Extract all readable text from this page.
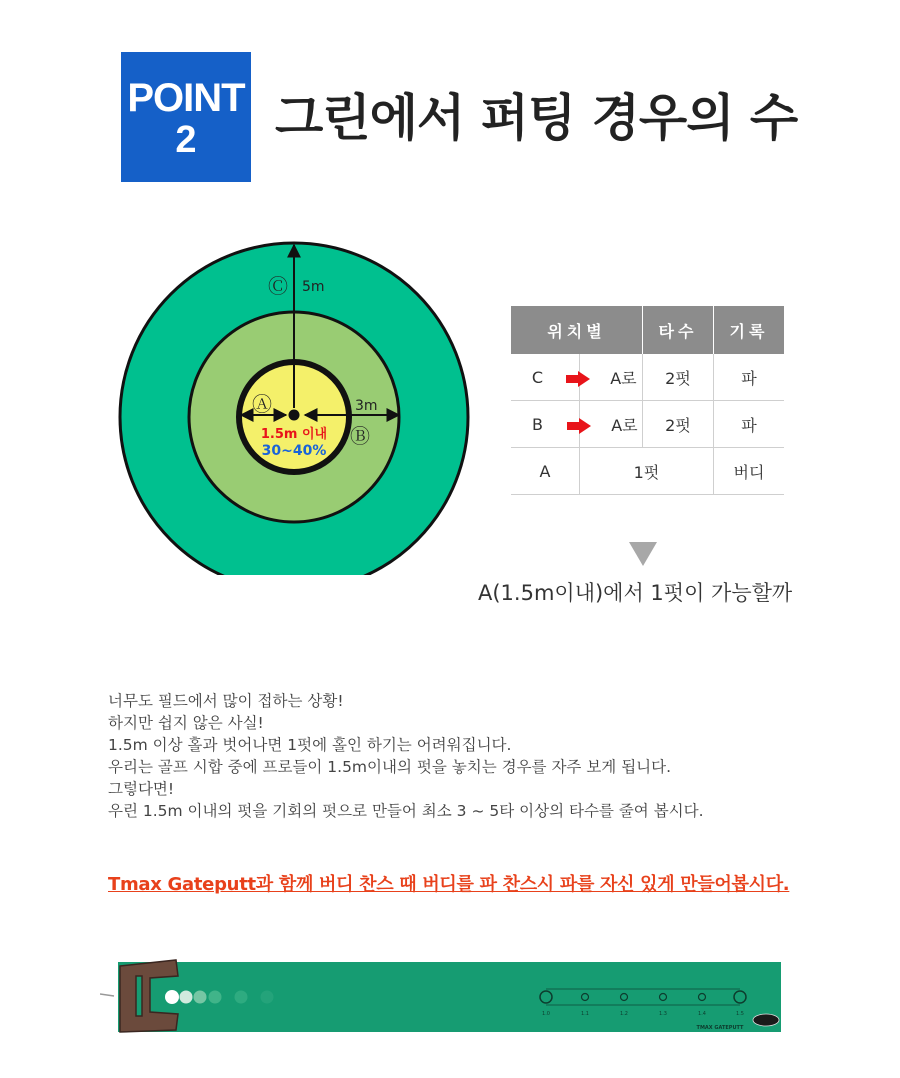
POINT
2	그린에서 퍼팅 경우의 수
Ⓒ 5m
Ⓐ	3m
Ⓑ
1.5m 이내
30~40%
위치별		타수	기록
C	A로	2펏	파
B	A로	2펏	파
A	1펏		버디
A(1.5m이내)에서 1펏이 가능할까
너무도 필드에서 많이 접하는 상황!
하지만 쉽지 않은 사실!
1.5m 이상 홀과 벗어나면 1펏에 홀인 하기는 어려워집니다.
우리는 골프 시합 중에 프로들이 1.5m이내의 펏을 놓치는 경우를 자주 보게 됩니다.
그렇다면!
우린 1.5m 이내의 펏을 기회의 펏으로 만들어 최소 3 ~ 5타 이상의 타수를 줄여 봅시다.
Tmax Gateputt과 함께 버디 찬스 때 버디를 파 찬스시 파를 자신 있게 만들어봅시다.
1.0	1.1	1.2	1.3	1.4	1.5
TMAX GATEPUTT
